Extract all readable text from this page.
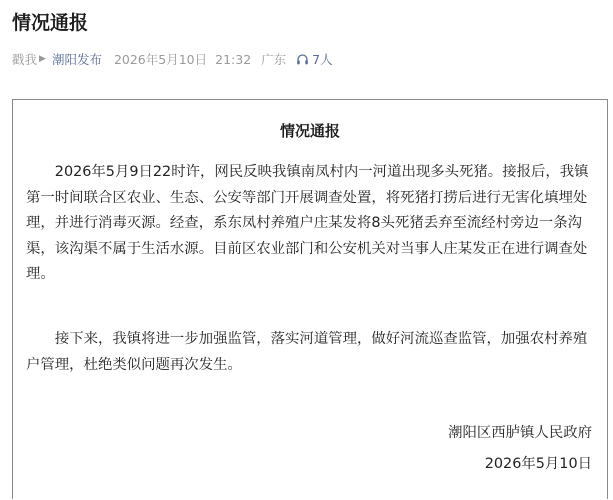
情况通报
戳我 ▶ 潮阳发布 2026年5月10日 21:32 广东 7人
情况通报

2026年5月9日22时许，网民反映我镇南凤村内一河道出现多头死猪。接报后，我镇第一时间联合区农业、生态、公安等部门开展调查处置，将死猪打捞后进行无害化填埋处理，并进行消毒灭源。经查，系东凤村养殖户庄某发将8头死猪丢弃至流经村旁边一条沟渠，该沟渠不属于生活水源。目前区农业部门和公安机关对当事人庄某发正在进行调查处理。

接下来，我镇将进一步加强监管，落实河道管理，做好河流巡查监管，加强农村养殖户管理，杜绝类似问题再次发生。

潮阳区西胪镇人民政府
2026年5月10日
